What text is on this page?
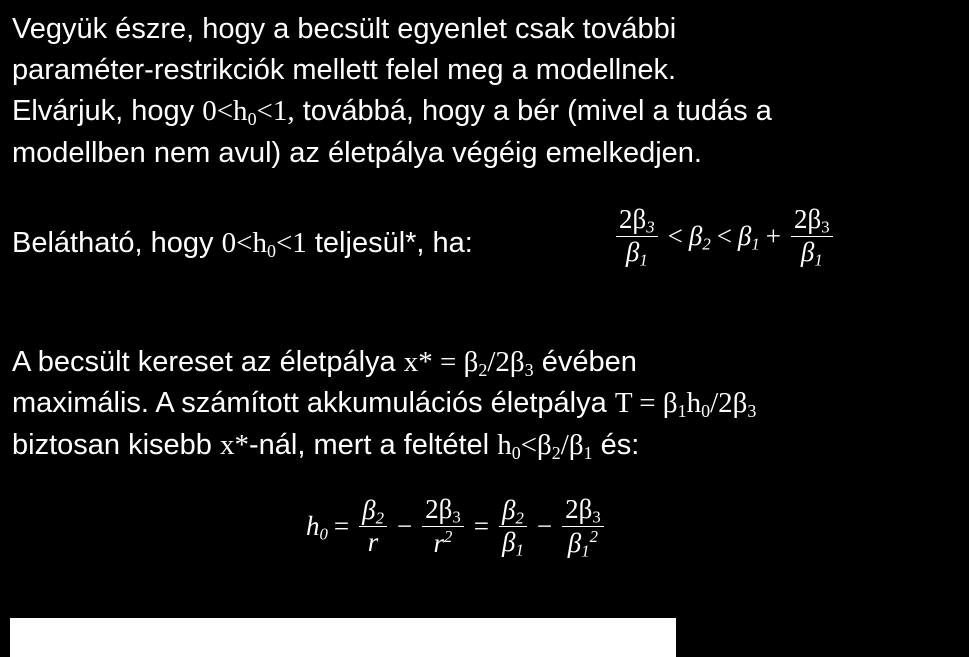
Vegyük észre, hogy a becsült egyenlet csak további
paraméter-restrikciók mellett felel meg a modellnek.
Elvárjuk, hogy $0<h_0<1$, továbbá, hogy a bér (mivel a tudás a
modellben nem avul) az életpálya végéig emelkedjen.
Belátható, hogy $0<h_0<1$ teljesül*, ha:	$\frac{2\beta_3}{\beta_1} < \beta_2 < \beta_1 + \frac{2\beta_3}{\beta_1}$
A becsült kereset az életpálya $x* = \beta_2/2\beta_3$ évében
maximális. A számított akkumulációs életpálya $T = \beta_1h_0/2\beta_3$
biztosan kisebb x*-nál, mert a feltétel $h_0<\beta_2/\beta_1$ és:
$h_0 = \frac{\beta_2}{r} - \frac{2\beta_3}{r^2} = \frac{\beta_2}{\beta_1} - \frac{2\beta_3}{\beta_1^2}$
